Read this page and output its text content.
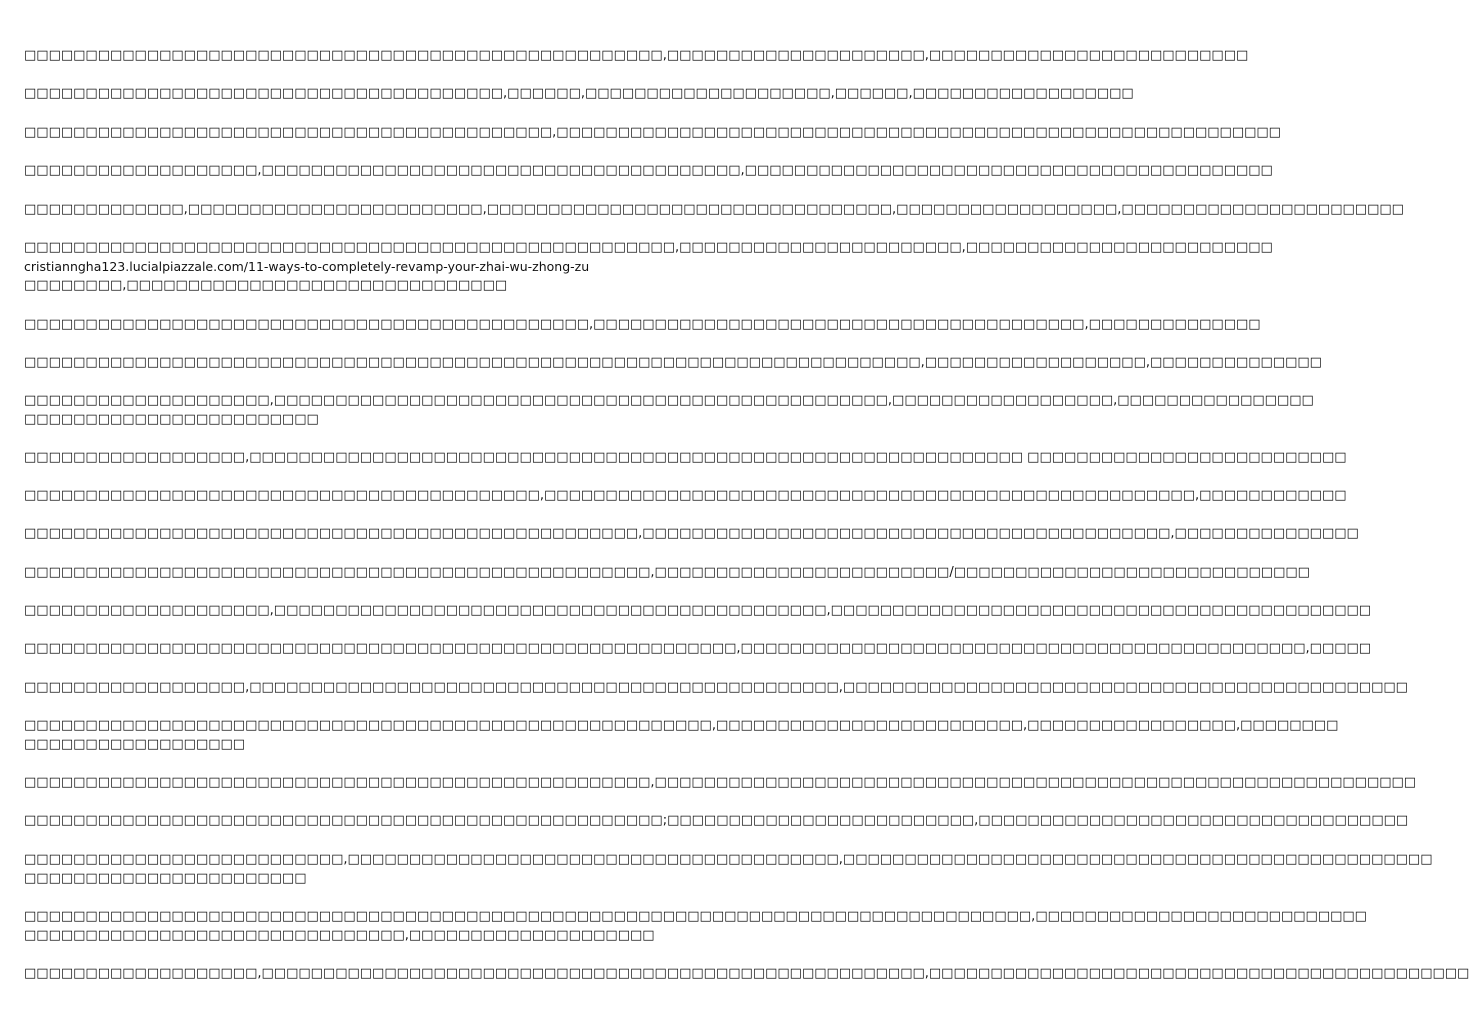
□□□□□□□□□□□□□□□□□□□□□□□□□□□□□□□□□□□□□□□□□□□□□□□□□□□□,□□□□□□□□□□□□□□□□□□□□□,□□□□□□□□□□□□□□□□□□□□□□□□□□
□□□□□□□□□□□□□□□□□□□□□□□□□□□□□□□□□□□□□□□,□□□□□□,□□□□□□□□□□□□□□□□□□□□,□□□□□□,□□□□□□□□□□□□□□□□□□
□□□□□□□□□□□□□□□□□□□□□□□□□□□□□□□□□□□□□□□□□□□,□□□□□□□□□□□□□□□□□□□□□□□□□□□□□□□□□□□□□□□□□□□□□□□□□□□□□□□□□□□
□□□□□□□□□□□□□□□□□□□,□□□□□□□□□□□□□□□□□□□□□□□□□□□□□□□□□□□□□□□,□□□□□□□□□□□□□□□□□□□□□□□□□□□□□□□□□□□□□□□□□□□
□□□□□□□□□□□□□,□□□□□□□□□□□□□□□□□□□□□□□□,□□□□□□□□□□□□□□□□□□□□□□□□□□□□□□□□□,□□□□□□□□□□□□□□□□□□,□□□□□□□□□□□□□□□□□□□□□□□
□□□□□□□□□□□□□□□□□□□□□□□□□□□□□□□□□□□□□□□□□□□□□□□□□□□□□,□□□□□□□□□□□□□□□□□□□□□□□,□□□□□□□□□□□□□□□□□□□□□□□□□
cristianngha123.lucialpiazzale.com/11-ways-to-completely-revamp-your-zhai-wu-zhong-zu
□□□□□□□□,□□□□□□□□□□□□□□□□□□□□□□□□□□□□□□□
□□□□□□□□□□□□□□□□□□□□□□□□□□□□□□□□□□□□□□□□□□□□□□,□□□□□□□□□□□□□□□□□□□□□□□□□□□□□□□□□□□□□□□□,□□□□□□□□□□□□□□
□□□□□□□□□□□□□□□□□□□□□□□□□□□□□□□□□□□□□□□□□□□□□□□□□□□□□□□□□□□□□□□□□□□□□□□□□,□□□□□□□□□□□□□□□□□□,□□□□□□□□□□□□□□
□□□□□□□□□□□□□□□□□□□□,□□□□□□□□□□□□□□□□□□□□□□□□□□□□□□□□□□□□□□□□□□□□□□□□□□,□□□□□□□□□□□□□□□□□□,□□□□□□□□□□□□□□□□
□□□□□□□□□□□□□□□□□□□□□□□□
□□□□□□□□□□□□□□□□□□,□□□□□□□□□□□□□□□□□□□□□□□□□□□□□□□□□□□□□□□□□□□□□□□□□□□□□□□□□□□□□□□ □□□□□□□□□□□□□□□□□□□□□□□□□□
□□□□□□□□□□□□□□□□□□□□□□□□□□□□□□□□□□□□□□□□□□,□□□□□□□□□□□□□□□□□□□□□□□□□□□□□□□□□□□□□□□□□□□□□□□□□□□□□,□□□□□□□□□□□□
□□□□□□□□□□□□□□□□□□□□□□□□□□□□□□□□□□□□□□□□□□□□□□□□□□,□□□□□□□□□□□□□□□□□□□□□□□□□□□□□□□□□□□□□□□□□□□,□□□□□□□□□□□□□□□
□□□□□□□□□□□□□□□□□□□□□□□□□□□□□□□□□□□□□□□□□□□□□□□□□□□,□□□□□□□□□□□□□□□□□□□□□□□□/□□□□□□□□□□□□□□□□□□□□□□□□□□□□□
□□□□□□□□□□□□□□□□□□□□,□□□□□□□□□□□□□□□□□□□□□□□□□□□□□□□□□□□□□□□□□□□□□,□□□□□□□□□□□□□□□□□□□□□□□□□□□□□□□□□□□□□□□□□□□□
□□□□□□□□□□□□□□□□□□□□□□□□□□□□□□□□□□□□□□□□□□□□□□□□□□□□□□□□□□,□□□□□□□□□□□□□□□□□□□□□□□□□□□□□□□□□□□□□□□□□□□□□□,□□□□□
□□□□□□□□□□□□□□□□□□,□□□□□□□□□□□□□□□□□□□□□□□□□□□□□□□□□□□□□□□□□□□□□□□□,□□□□□□□□□□□□□□□□□□□□□□□□□□□□□□□□□□□□□□□□□□□□□□
□□□□□□□□□□□□□□□□□□□□□□□□□□□□□□□□□□□□□□□□□□□□□□□□□□□□□□□□,□□□□□□□□□□□□□□□□□□□□□□□□□,□□□□□□□□□□□□□□□□□,□□□□□□□□
□□□□□□□□□□□□□□□□□□
□□□□□□□□□□□□□□□□□□□□□□□□□□□□□□□□□□□□□□□□□□□□□□□□□□□,□□□□□□□□□□□□□□□□□□□□□□□□□□□□□□□□□□□□□□□□□□□□□□□□□□□□□□□□□□□□□□
□□□□□□□□□□□□□□□□□□□□□□□□□□□□□□□□□□□□□□□□□□□□□□□□□□□□;□□□□□□□□□□□□□□□□□□□□□□□□□,□□□□□□□□□□□□□□□□□□□□□□□□□□□□□□□□□□□
□□□□□□□□□□□□□□□□□□□□□□□□□□,□□□□□□□□□□□□□□□□□□□□□□□□□□□□□□□□□□□□□□□□,□□□□□□□□□□□□□□□□□□□□□□□□□□□□□□□□□□□□□□□□□□□□□□□□
□□□□□□□□□□□□□□□□□□□□□□□
□□□□□□□□□□□□□□□□□□□□□□□□□□□□□□□□□□□□□□□□□□□□□□□□□□□□□□□□□□□□□□□□□□□□□□□□□□□□□□□□□□,□□□□□□□□□□□□□□□□□□□□□□□□□□□
□□□□□□□□□□□□□□□□□□□□□□□□□□□□□□□,□□□□□□□□□□□□□□□□□□□□
□□□□□□□□□□□□□□□□□□□,□□□□□□□□□□□□□□□□□□□□□□□□□□□□□□□□□□□□□□□□□□□□□□□□□□□□□□,□□□□□□□□□□□□□□□□□□□□□□□□□□□□□□□□□□□□□□□□□□□□
